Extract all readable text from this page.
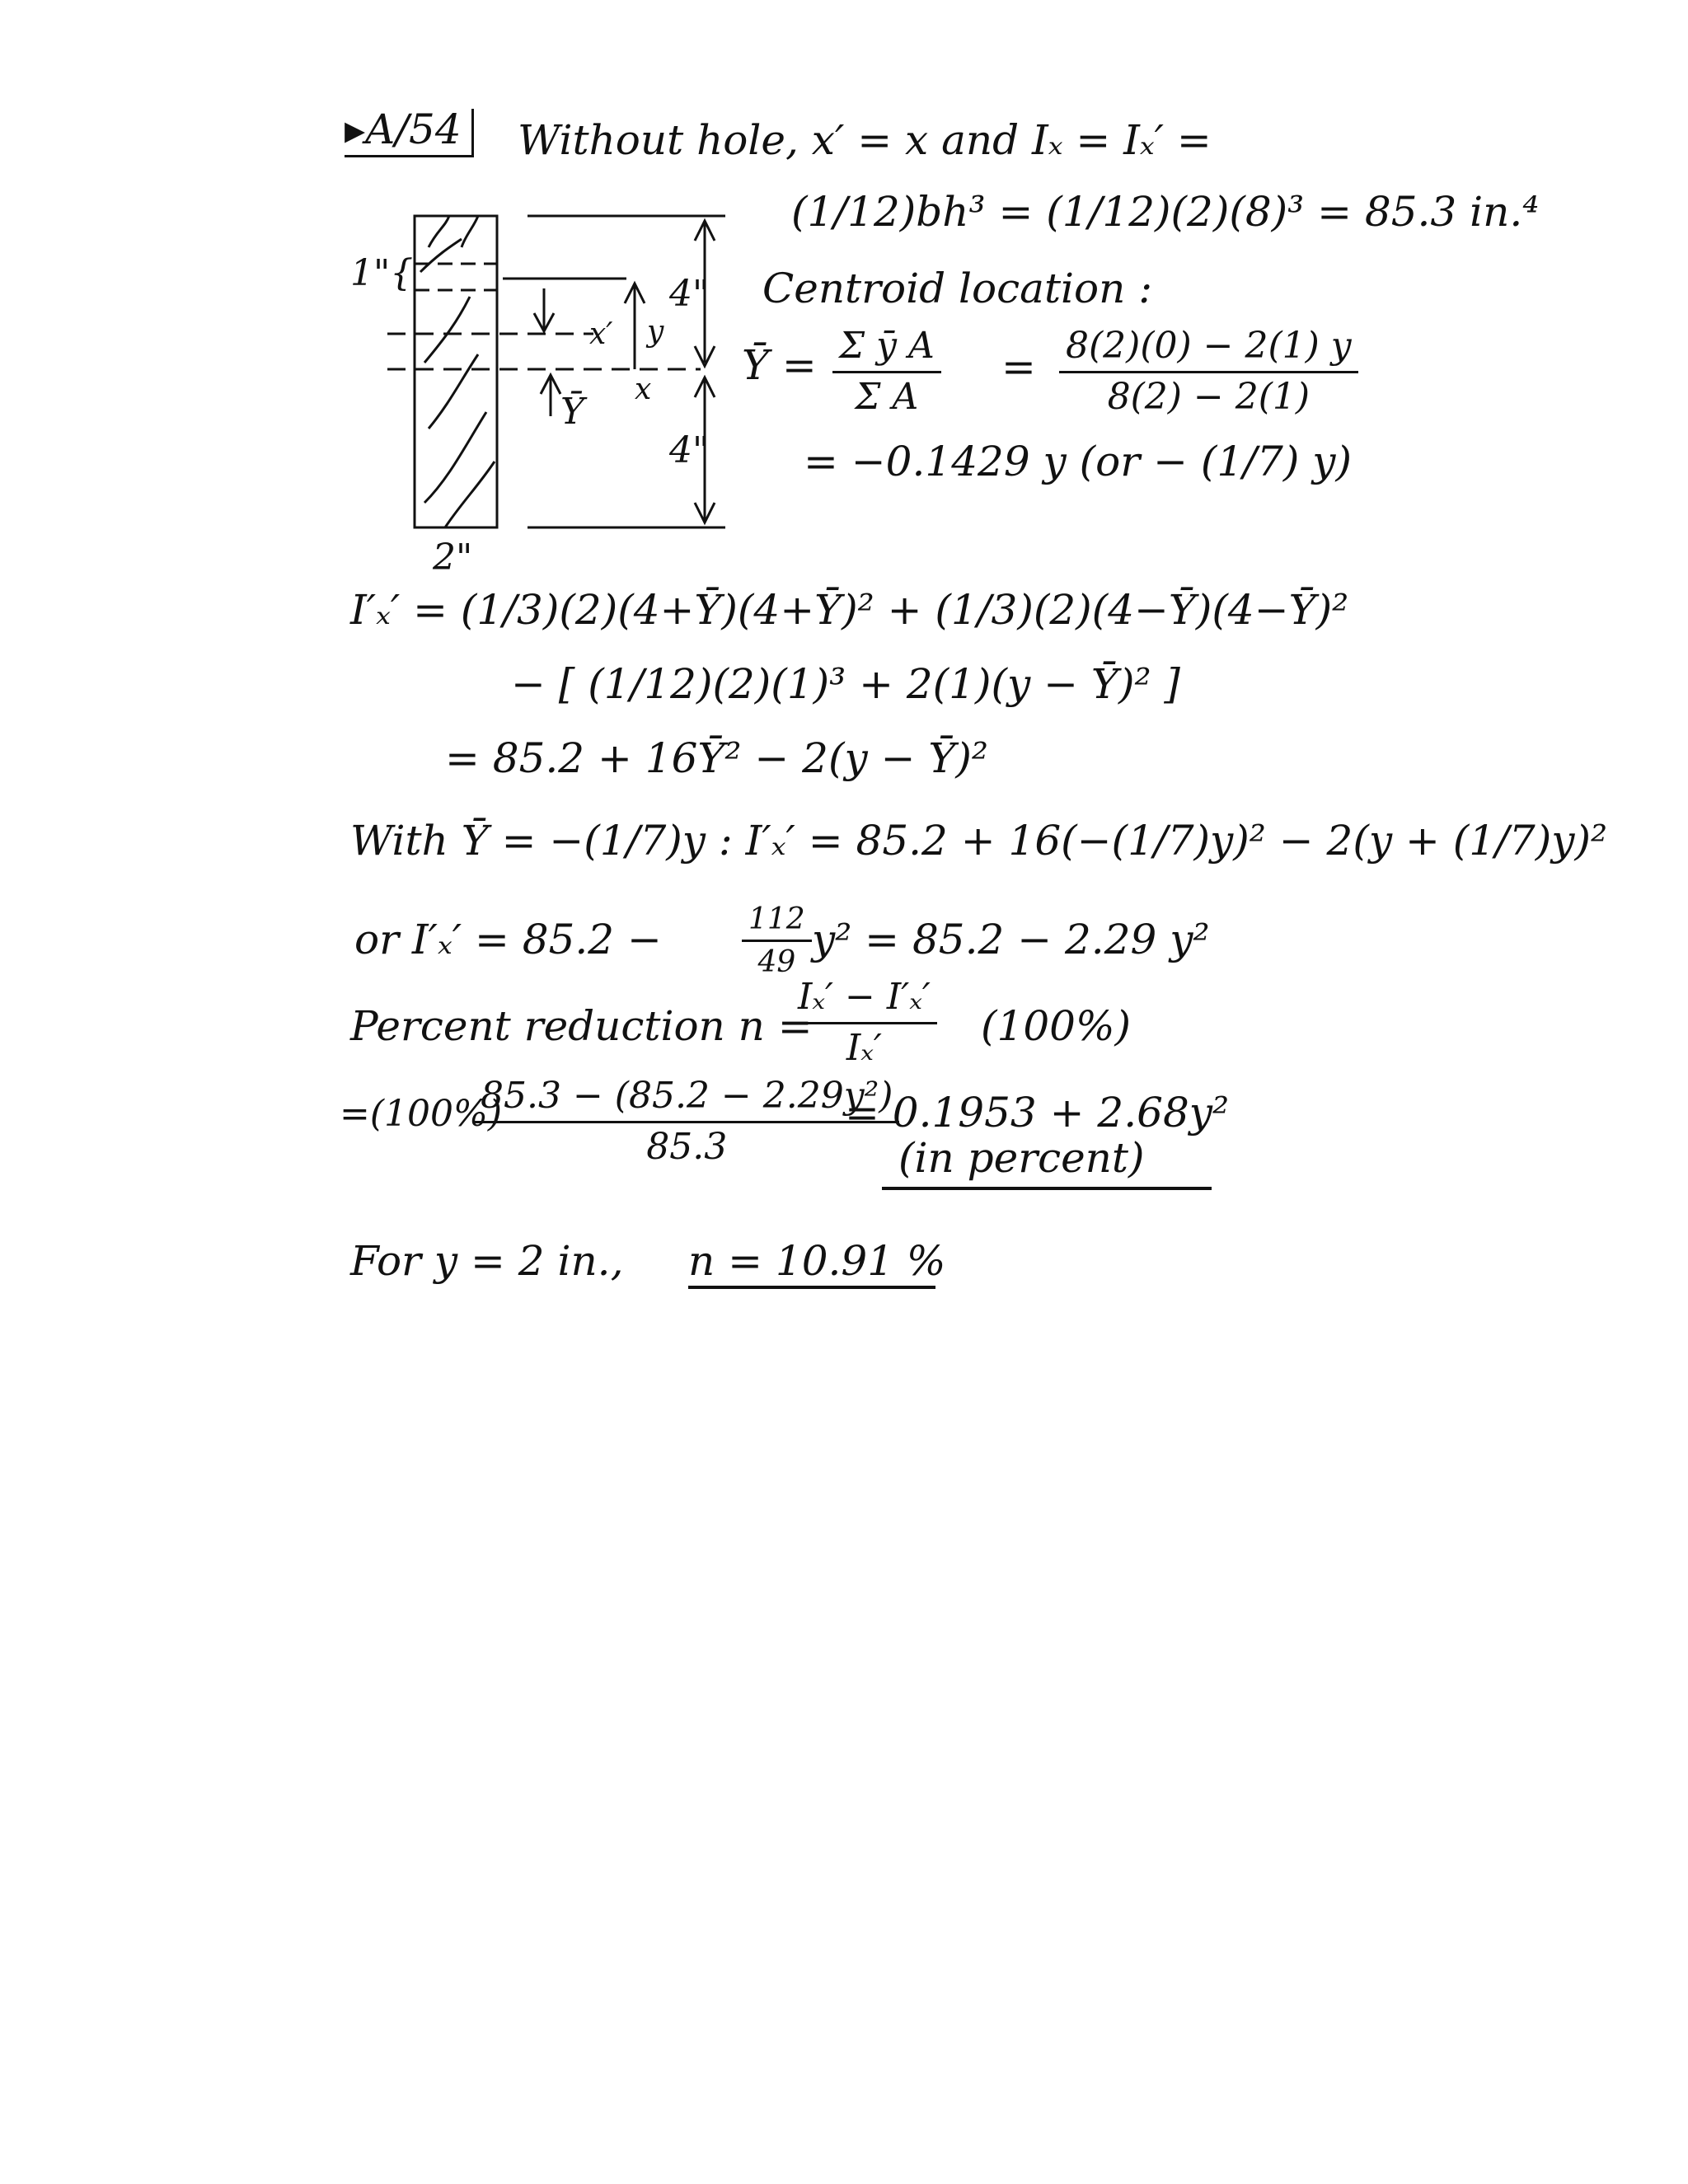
▸A/54	Without hole, x′ = x and Iₓ = Iₓ′ =
(1/12)bh³ = (1/12)(2)(8)³ = 85.3 in.⁴
1"{	4"
4"
2"
x′
x
y
Ȳ
Centroid location :
Ȳ = $\frac{\text{Σ ȳ A}}{\text{Σ A}} = \frac{8(2)(0) - 2(1) y}{8(2) - 2(1)}$
= −0.1429 y (or − (1/7) y)
I′ₓ′ = (1/3)(2)(4+Ȳ)(4+Ȳ)² + (1/3)(2)(4−Ȳ)(4−Ȳ)²
− [ (1/12)(2)(1)³ + 2(1)(y − Ȳ)² ]
= 85.2 + 16Ȳ² − 2(y − Ȳ)²
With Ȳ = −(1/7)y : I′ₓ′ = 85.2 + 16(−(1/7)y)² − 2(y + (1/7)y)²
or I′ₓ′ = 85.2 −	$\frac{112}{49} y^2 = 85.2 - 2.29$ y²
Percent reduction n =
$\frac{\text{Iₓ′ − I′ₓ′}}{\text{Iₓ′}} (100\%)$
=(100%)
$\frac{\text{85.3 − (85.2 − 2.29y²)}}{85.3}$
= 0.1953 + 2.68y²
(in percent)
For y = 2 in., n = 10.91 %
